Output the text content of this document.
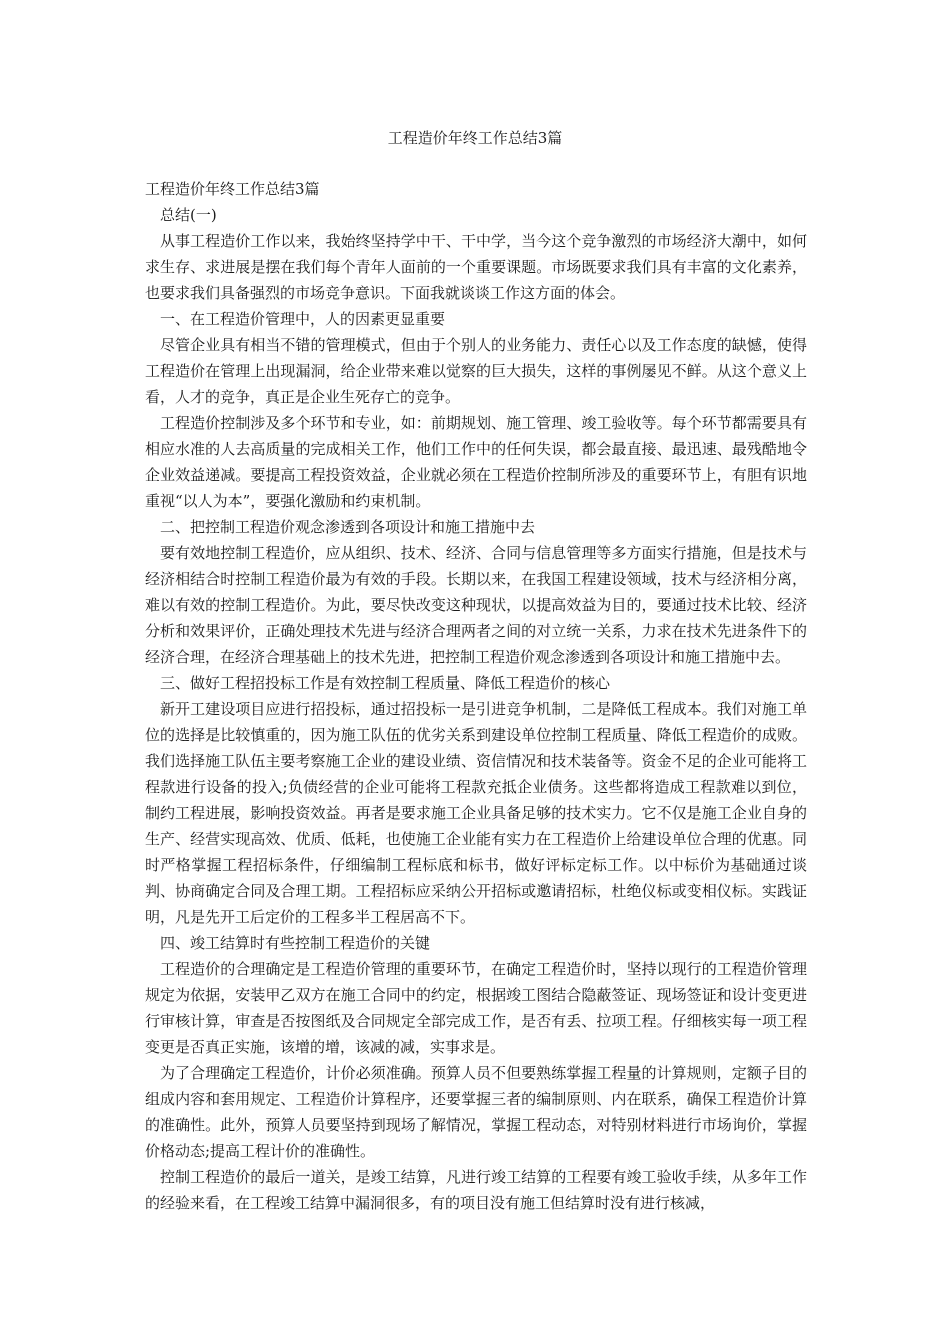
工程造价年终工作总结3篇

工程造价年终工作总结3篇

总结(一)

从事工程造价工作以来，我始终坚持学中干、干中学，当今这个竞争激烈的市场经济大潮中，如何求生存、求进展是摆在我们每个青年人面前的一个重要课题。市场既要求我们具有丰富的文化素养，也要求我们具备强烈的市场竞争意识。下面我就谈谈工作这方面的体会。

一、在工程造价管理中，人的因素更显重要

尽管企业具有相当不错的管理模式，但由于个别人的业务能力、责任心以及工作态度的缺憾，使得工程造价在管理上出现漏洞，给企业带来难以觉察的巨大损失，这样的事例屡见不鲜。从这个意义上看，人才的竞争，真正是企业生死存亡的竞争。

工程造价控制涉及多个环节和专业，如：前期规划、施工管理、竣工验收等。每个环节都需要具有相应水准的人去高质量的完成相关工作，他们工作中的任何失误，都会最直接、最迅速、最残酷地令企业效益递减。要提高工程投资效益，企业就必须在工程造价控制所涉及的重要环节上，有胆有识地重视“以人为本”，要强化激励和约束机制。

二、把控制工程造价观念渗透到各项设计和施工措施中去

要有效地控制工程造价，应从组织、技术、经济、合同与信息管理等多方面实行措施，但是技术与经济相结合时控制工程造价最为有效的手段。长期以来，在我国工程建设领域，技术与经济相分离，难以有效的控制工程造价。为此，要尽快改变这种现状，以提高效益为目的，要通过技术比较、经济分析和效果评价，正确处理技术先进与经济合理两者之间的对立统一关系，力求在技术先进条件下的经济合理，在经济合理基础上的技术先进，把控制工程造价观念渗透到各项设计和施工措施中去。

三、做好工程招投标工作是有效控制工程质量、降低工程造价的核心

新开工建设项目应进行招投标，通过招投标一是引进竞争机制，二是降低工程成本。我们对施工单位的选择是比较慎重的，因为施工队伍的优劣关系到建设单位控制工程质量、降低工程造价的成败。我们选择施工队伍主要考察施工企业的建设业绩、资信情况和技术装备等。资金不足的企业可能将工程款进行设备的投入;负债经营的企业可能将工程款充抵企业债务。这些都将造成工程款难以到位，制约工程进展，影响投资效益。再者是要求施工企业具备足够的技术实力。它不仅是施工企业自身的生产、经营实现高效、优质、低耗，也使施工企业能有实力在工程造价上给建设单位合理的优惠。同时严格掌握工程招标条件，仔细编制工程标底和标书，做好评标定标工作。以中标价为基础通过谈判、协商确定合同及合理工期。工程招标应采纳公开招标或邀请招标，杜绝仪标或变相仪标。实践证明，凡是先开工后定价的工程多半工程居高不下。

四、竣工结算时有些控制工程造价的关键

工程造价的合理确定是工程造价管理的重要环节，在确定工程造价时，坚持以现行的工程造价管理规定为依据，安装甲乙双方在施工合同中的约定，根据竣工图结合隐蔽签证、现场签证和设计变更进行审核计算，审查是否按图纸及合同规定全部完成工作，是否有丢、拉项工程。仔细核实每一项工程变更是否真正实施，该增的增，该减的减，实事求是。

为了合理确定工程造价，计价必须准确。预算人员不但要熟练掌握工程量的计算规则，定额子目的组成内容和套用规定、工程造价计算程序，还要掌握三者的编制原则、内在联系，确保工程造价计算的准确性。此外，预算人员要坚持到现场了解情况，掌握工程动态，对特别材料进行市场询价，掌握价格动态;提高工程计价的准确性。

控制工程造价的最后一道关，是竣工结算，凡进行竣工结算的工程要有竣工验收手续，从多年工作的经验来看，在工程竣工结算中漏洞很多，有的项目没有施工但结算时没有进行核减，
